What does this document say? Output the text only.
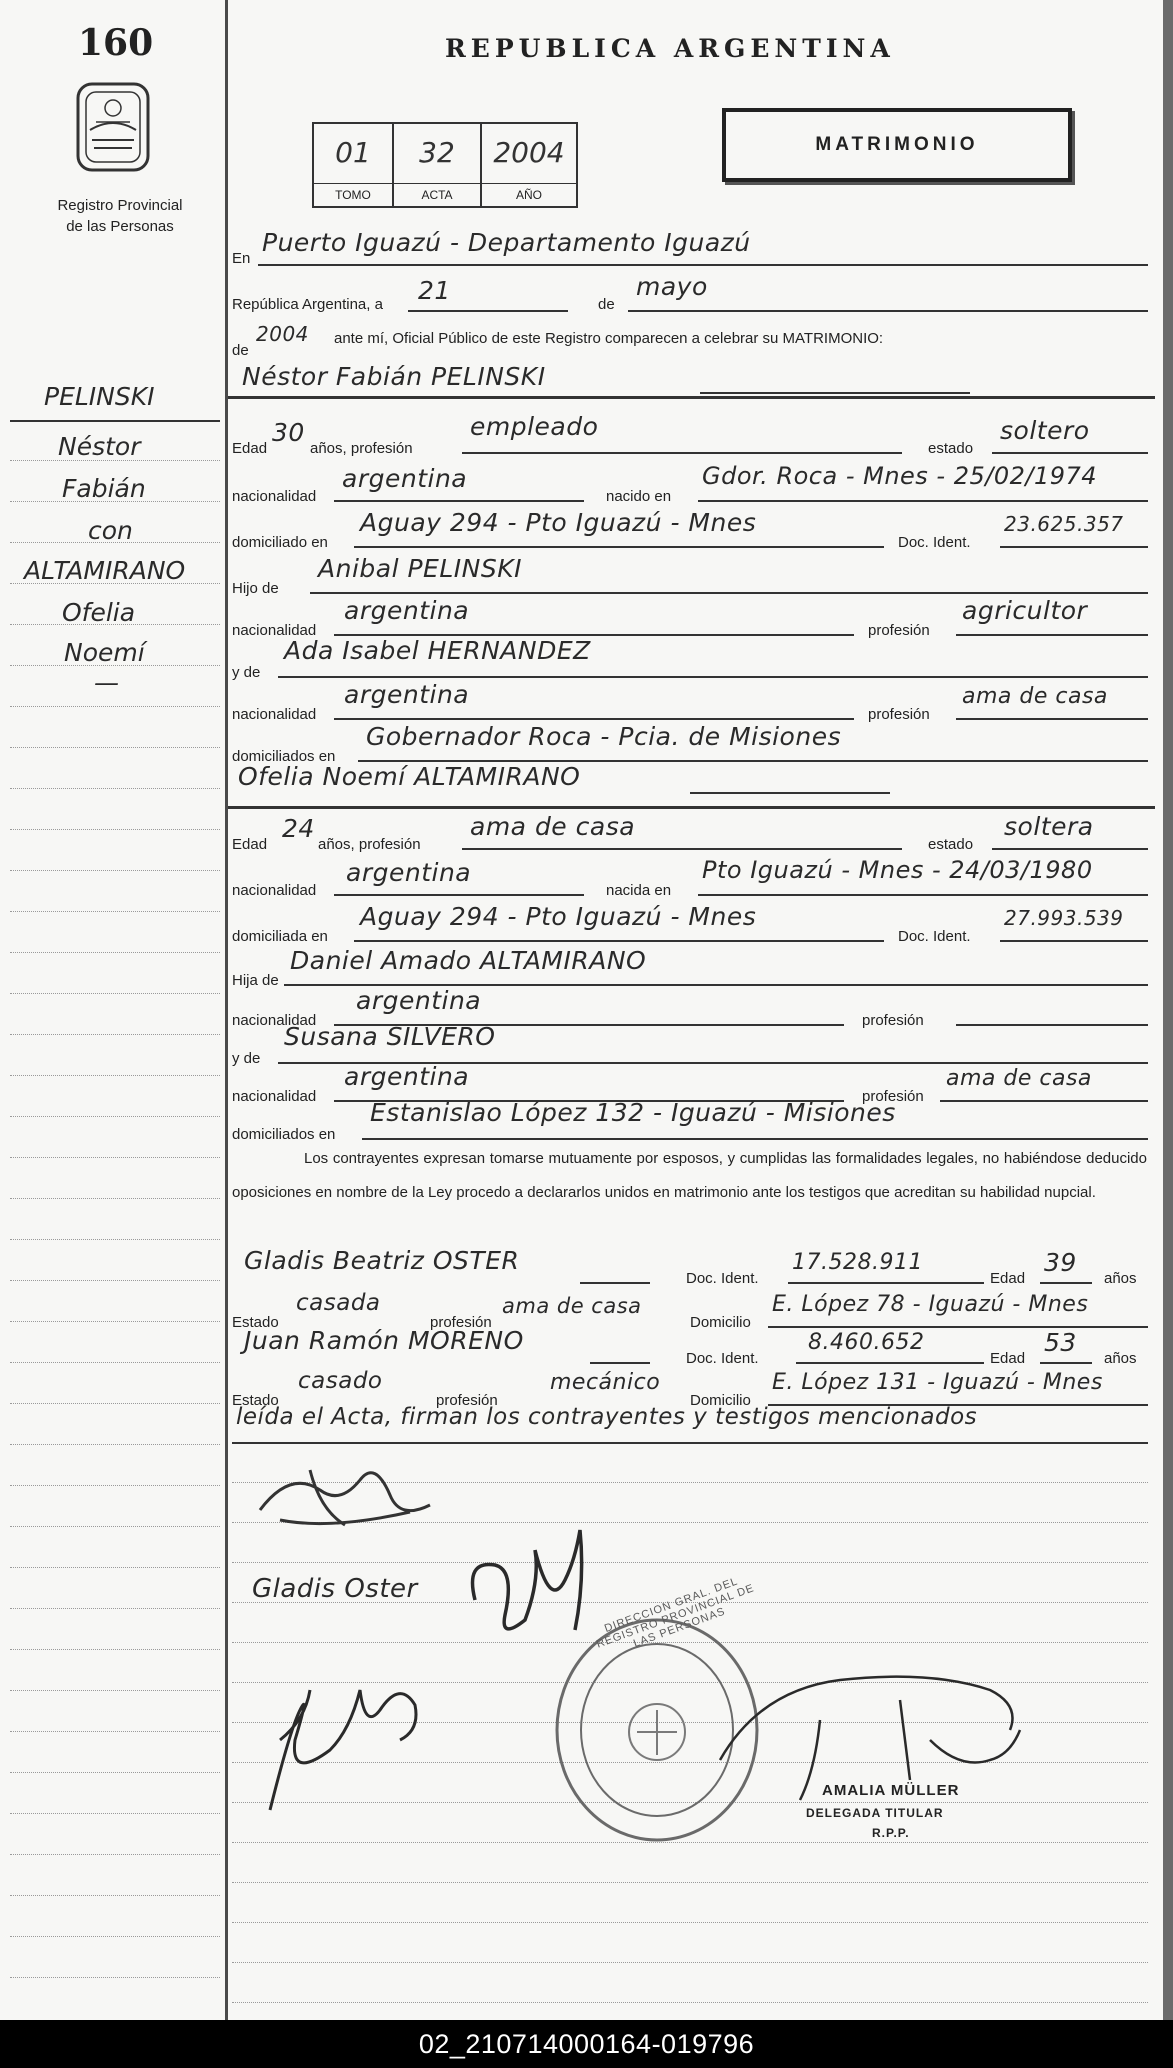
160
Registro Provincial
de las Personas
REPUBLICA ARGENTINA
01
TOMO
32
ACTA
2004
AÑO
MATRIMONIO
PELINSKI
Néstor
Fabián
con
ALTAMIRANO
Ofelia
Noemí
—
En
Puerto Iguazú - Departamento Iguazú
República Argentina, a 21	de
mayo
de
2004 ante mí, Oficial Público de este Registro comparecen a celebrar su MATRIMONIO:
Néstor Fabián PELINSKI
Edad
30
años, profesión
empleado
estado
soltero
nacionalidad
argentina
nacido en
Gdor. Roca - Mnes - 25/02/1974
domiciliado en
Aguay 294 - Pto Iguazú - Mnes
Doc. Ident.
23.625.357
Hijo de
Anibal PELINSKI
nacionalidad
argentina
profesión
agricultor
y de
Ada Isabel HERNANDEZ
nacionalidad
argentina
profesión
ama de casa
domiciliados en
Gobernador Roca - Pcia. de Misiones
Ofelia Noemí ALTAMIRANO
Edad
24
años, profesión
ama de casa
estado
soltera
nacionalidad
argentina
nacida en
Pto Iguazú - Mnes - 24/03/1980
domiciliada en
Aguay 294 - Pto Iguazú - Mnes
Doc. Ident.
27.993.539
Hija de
Daniel Amado ALTAMIRANO
nacionalidad
argentina
profesión
y de
Susana SILVERO
nacionalidad
argentina
profesión
ama de casa
domiciliados en
Estanislao López 132 - Iguazú - Misiones
Los contrayentes expresan tomarse mutuamente por esposos, y cumplidas las formalidades legales, no habiéndose deducido oposiciones en nombre de la Ley procedo a declararlos unidos en matrimonio ante los testigos que acreditan su habilidad nupcial.
Gladis Beatriz OSTER
Doc. Ident.
17.528.911
Edad
39
años
Estado
casada
profesión
ama de casa
Domicilio
E. López 78 - Iguazú - Mnes
Juan Ramón MORENO
Doc. Ident.
8.460.652
Edad
53
años
Estado
casado
profesión
mecánico
Domicilio
E. López 131 - Iguazú - Mnes
leída el Acta, firman los contrayentes y testigos mencionados
Gladis Oster	DIRECCION GRAL. DEL REGISTRO PROVINCIAL DE LAS PERSONAS
AMALIA MÜLLER
DELEGADA TITULAR
R.P.P.
02_210714000164-019796
